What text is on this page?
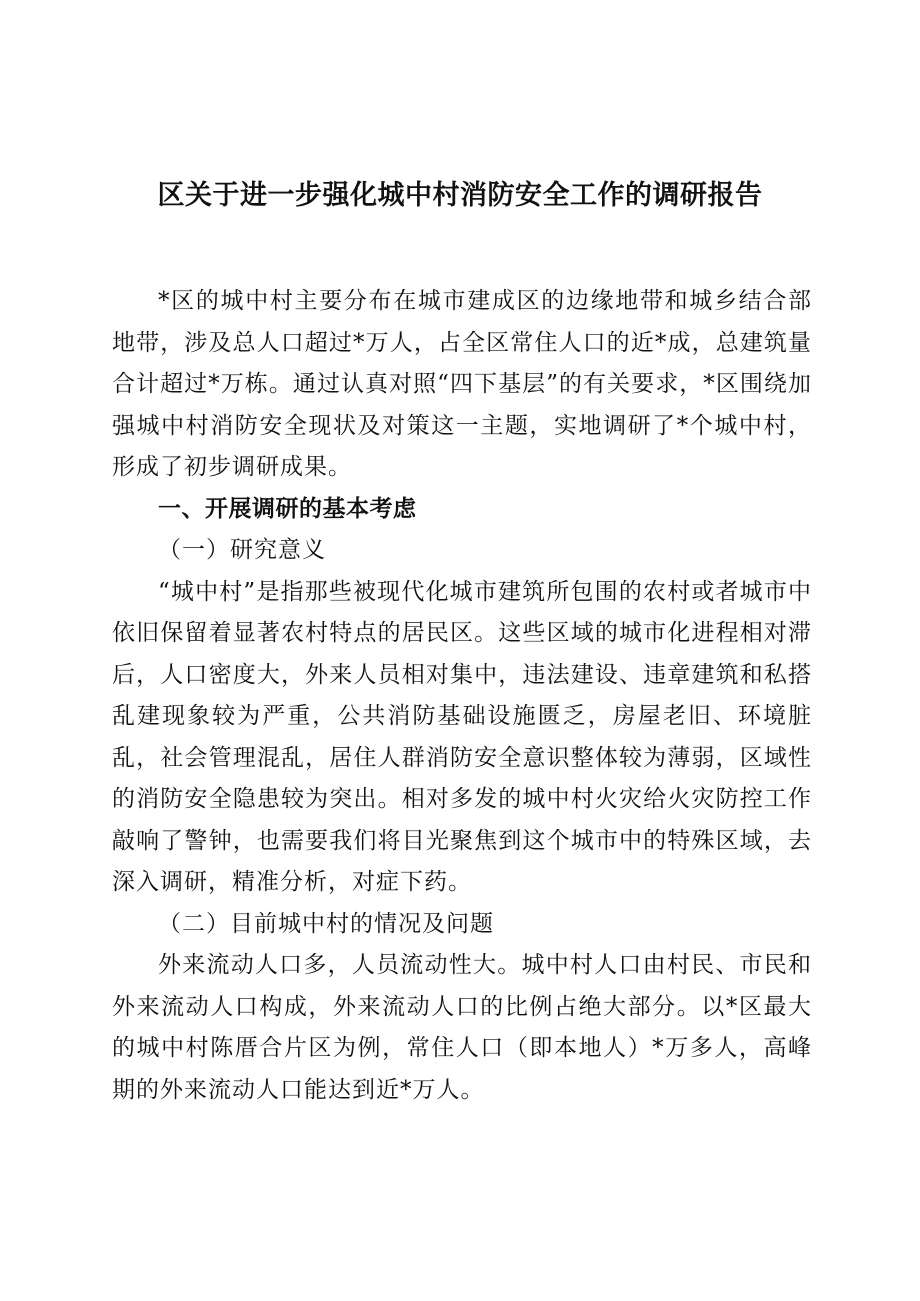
区关于进一步强化城中村消防安全工作的调研报告

*区的城中村主要分布在城市建成区的边缘地带和城乡结合部地带，涉及总人口超过*万人，占全区常住人口的近*成，总建筑量合计超过*万栋。通过认真对照“四下基层”的有关要求，*区围绕加强城中村消防安全现状及对策这一主题，实地调研了*个城中村，形成了初步调研成果。

一、开展调研的基本考虑

（一）研究意义

“城中村”是指那些被现代化城市建筑所包围的农村或者城市中依旧保留着显著农村特点的居民区。这些区域的城市化进程相对滞后，人口密度大，外来人员相对集中，违法建设、违章建筑和私搭乱建现象较为严重，公共消防基础设施匮乏，房屋老旧、环境脏乱，社会管理混乱，居住人群消防安全意识整体较为薄弱，区域性的消防安全隐患较为突出。相对多发的城中村火灾给火灾防控工作敲响了警钟，也需要我们将目光聚焦到这个城市中的特殊区域，去深入调研，精准分析，对症下药。

（二）目前城中村的情况及问题

外来流动人口多，人员流动性大。城中村人口由村民、市民和外来流动人口构成，外来流动人口的比例占绝大部分。以*区最大的城中村陈厝合片区为例，常住人口（即本地人）*万多人，高峰期的外来流动人口能达到近*万人。
